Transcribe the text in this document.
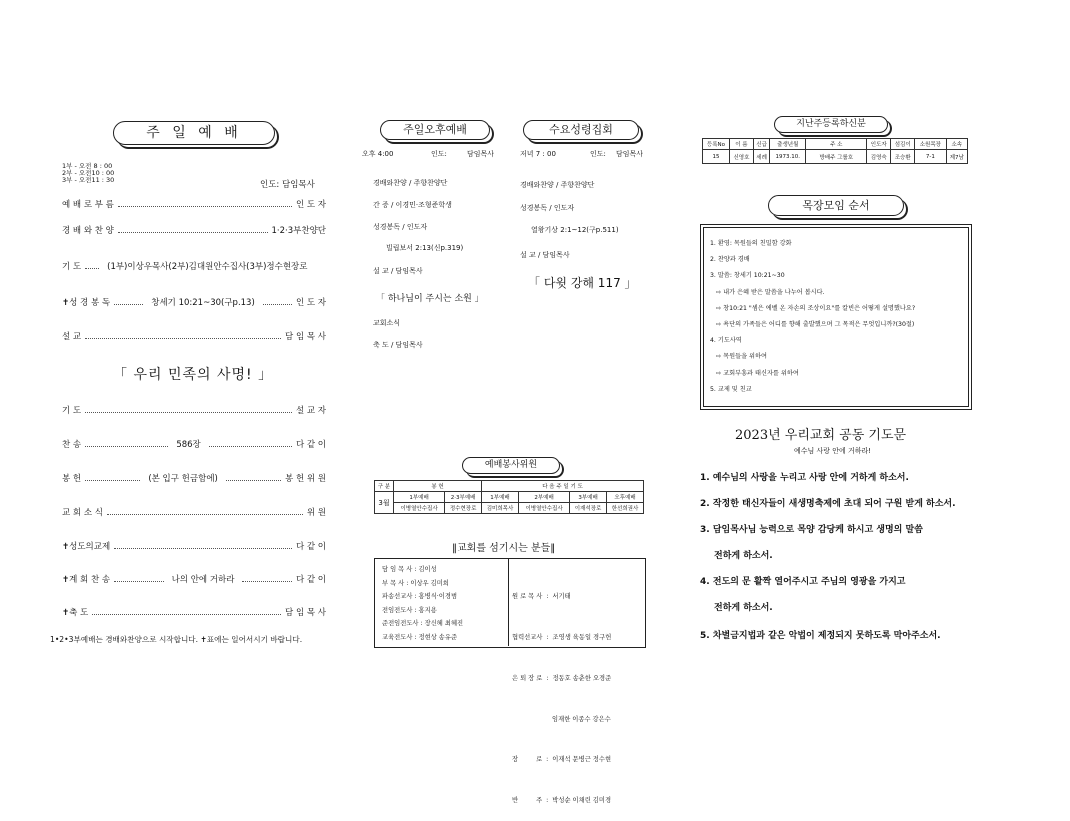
주 일 예 배
1부 - 오전 8 : 00
2부 - 오전10 : 00
3부 - 오전11 : 30	인도: 담임목사
예 배 로 부 름	인 도 자
경 배 와 찬 양	1·2·3부찬양단
기 도	(1부)이상우목사(2부)김대원안수집사(3부)정수현장로
✝성 경 봉 독	창세기 10:21~30(구p.13)	인 도 자
설 교	담 임 목 사
「 우리 민족의 사명! 」
기 도	설 교 자
찬 송	586장	다 같 이
봉 헌	(본 입구 헌금함에)	봉 헌 위 원
교 회 소 식	위 원
✝성도의교제	다 같 이
✝계 회 찬 송	나의 안에 거하라	다 같 이
✝축 도	담 임 목 사
1•2•3부예배는 경배와찬양으로 시작합니다. ✝표에는 일어서시기 바랍니다.
주일오후예배
오후 4:00	인도:	담임목사
경배와찬양 / 주향찬양단
간 증 / 이경민·조형준학생
성경봉독 / 인도자
빌립보서 2:13(신p.319)
설 교 / 담임목사
「 하나님이 주시는 소원 」
교회소식
축 도 / 담임목사
수요성령집회
저녁 7 : 00	인도: 담임목사
경배와찬양 / 주향찬양단
성경봉독 / 인도자
열왕기상 2:1~12(구p.511)
설 교 / 담임목사
「 다윗 강해 117 」
예배봉사위원
구 분	봉 헌		다 음 주 일 기 도			
3월	1부예배	2·3부예배	1부예배	2부예배	3부예배	오후예배
	이병열안수집사	정수현장로	김미희목사	이병열안수집사	이재석장로	한선희권사
‖교회를 섬기시는 분들‖
담 임 목 사 : 김이성
부 목 사 : 이상우 김미희
파송선교사 : 홍병식·이경범
전임전도사 : 홍지용
준전임전도사 : 장신혜 최혜진
교육전도사 : 정현상 송유준

원 로 목 사  :  서기태

협력선교사  :  조영생 육동일 경구헌

은 퇴 장 로  :  정동호 송춘한 오경준

임재한 이종수 강은수

장         로  :  이재석 문병근 정수현

반         주  :  박성순 이채린 김미경

지난주등록하신분
등록No	이 름	신급	출생년월	주 소	인도자	섬김이	소원목장	소속
15	신영호	세례	1973.10.	방배주 그룹호	김영숙	조승환	7-1	제7남
목장모임 순서
1. 환영: 목원들의 친밀함 강화
2. 찬양과 경배
3. 말씀: 창세기 10:21~30
⇨ 내가 은혜 받은 말씀을 나누어 봅시다.
⇨ 창10:21 "셈은 에벨 온 자손의 조상이요"를 칼빈은 어떻게 설명했나요?
⇨ 욕단의 가족들은 어디를 향해 출발했으며 그 목적은 무엇입니까?(30절)
4. 기도사역
⇨ 목원들을 위하여
⇨ 교회부흥과 태신자를 위하여
5. 교제 및 친교
2023년 우리교회 공동 기도문
예수님 사랑 안에 거하라!
1. 예수님의 사랑을 누리고 사랑 안에 거하게 하소서.
2. 작정한 태신자들이 새생명축제에 초대 되어 구원 받게 하소서.
3. 담임목사님 능력으로 목양 감당케 하시고 생명의 말씀
전하게 하소서.
4. 전도의 문 활짝 열어주시고 주님의 영광을 가지고
전하게 하소서.
5. 차별금지법과 같은 악법이 제정되지 못하도록 막아주소서.
